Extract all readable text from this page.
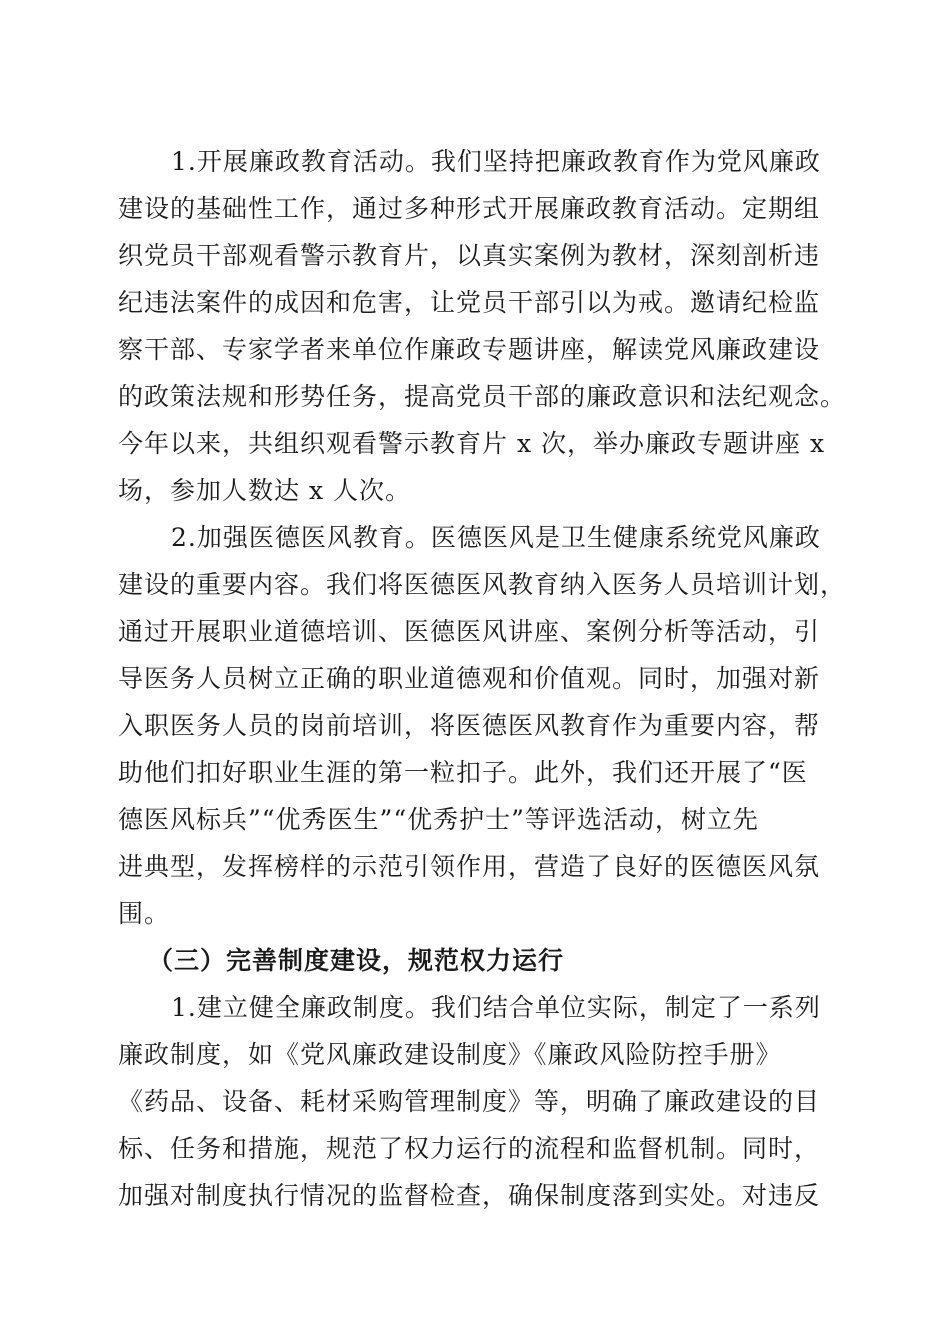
1.开展廉政教育活动。我们坚持把廉政教育作为党风廉政
建设的基础性工作，通过多种形式开展廉政教育活动。定期组
织党员干部观看警示教育片，以真实案例为教材，深刻剖析违
纪违法案件的成因和危害，让党员干部引以为戒。邀请纪检监
察干部、专家学者来单位作廉政专题讲座，解读党风廉政建设
的政策法规和形势任务，提高党员干部的廉政意识和法纪观念。
今年以来，共组织观看警示教育片 x 次，举办廉政专题讲座 x
场，参加人数达 x 人次。
2.加强医德医风教育。医德医风是卫生健康系统党风廉政
建设的重要内容。我们将医德医风教育纳入医务人员培训计划，
通过开展职业道德培训、医德医风讲座、案例分析等活动，引
导医务人员树立正确的职业道德观和价值观。同时，加强对新
入职医务人员的岗前培训，将医德医风教育作为重要内容，帮
助他们扣好职业生涯的第一粒扣子。此外，我们还开展了“医
德医风标兵”“优秀医生”“优秀护士”等评选活动，树立先
进典型，发挥榜样的示范引领作用，营造了良好的医德医风氛
围。
（三）完善制度建设，规范权力运行
1.建立健全廉政制度。我们结合单位实际，制定了一系列
廉政制度，如《党风廉政建设制度》《廉政风险防控手册》
《药品、设备、耗材采购管理制度》等，明确了廉政建设的目
标、任务和措施，规范了权力运行的流程和监督机制。同时，
加强对制度执行情况的监督检查，确保制度落到实处。对违反
